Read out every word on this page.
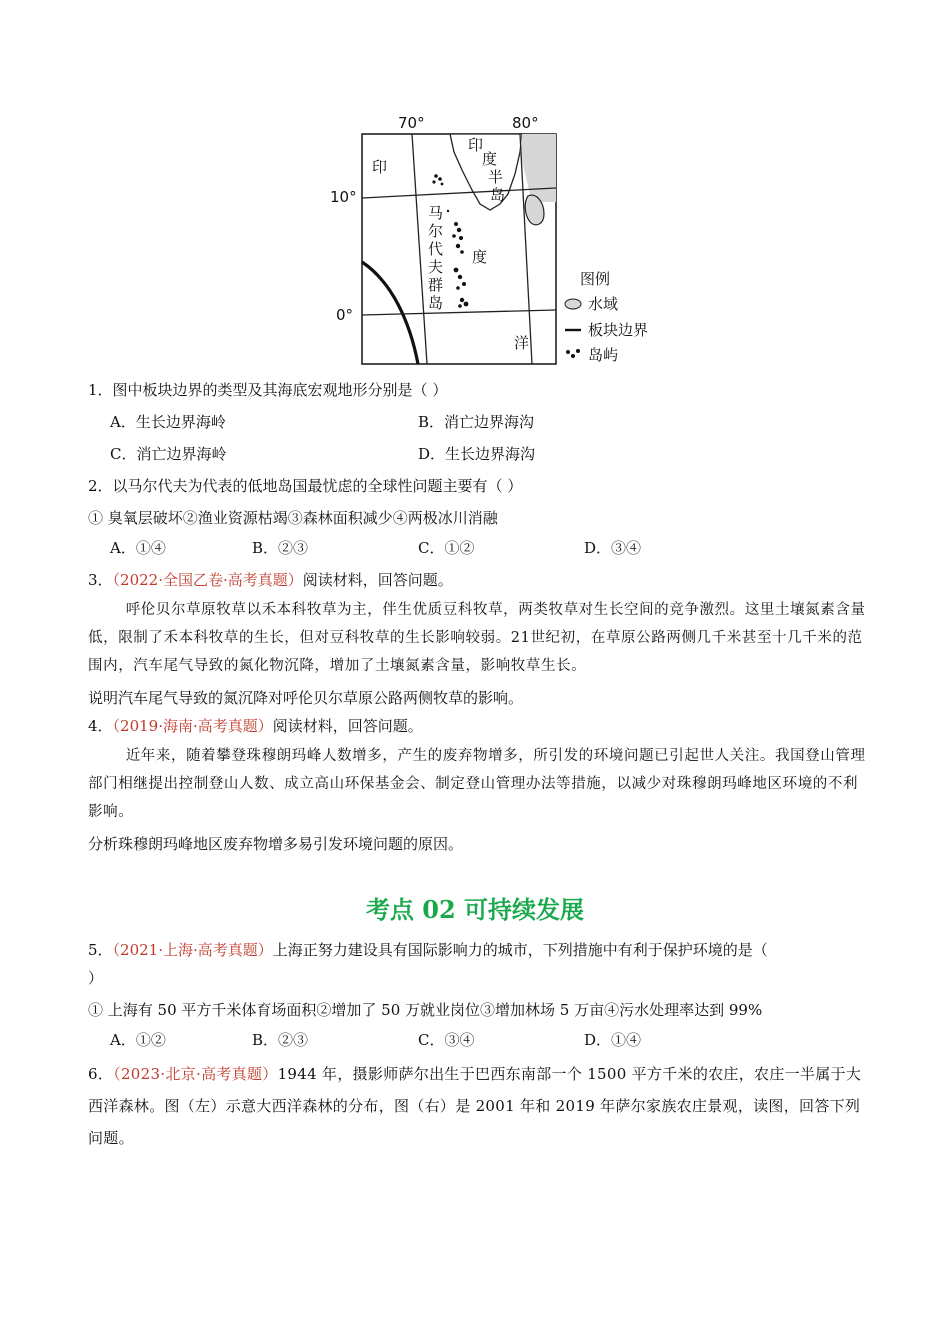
70°	80°
10°
0°
印
度
洋
印
度
半
岛
马
尔
代
夫
群
岛
图例
水域
板块边界
岛屿
1．图中板块边界的类型及其海底宏观地形分别是（ ）
A．生长边界海岭	B．消亡边界海沟
C．消亡边界海岭	D．生长边界海沟
2．以马尔代夫为代表的低地岛国最忧虑的全球性问题主要有（ ）
① 臭氧层破坏②渔业资源枯竭③森林面积减少④两极冰川消融
A．①④	B．②③	C．①②	D．③④
3．（2022·全国乙卷·高考真题）阅读材料，回答问题。
呼伦贝尔草原牧草以禾本科牧草为主，伴生优质豆科牧草，两类牧草对生长空间的竞争激烈。这里土壤氮素含量低，限制了禾本科牧草的生长，但对豆科牧草的生长影响较弱。21世纪初，在草原公路两侧几千米甚至十几千米的范围内，汽车尾气导致的氮化物沉降，增加了土壤氮素含量，影响牧草生长。
说明汽车尾气导致的氮沉降对呼伦贝尔草原公路两侧牧草的影响。
4．（2019·海南·高考真题）阅读材料，回答问题。
近年来，随着攀登珠穆朗玛峰人数增多，产生的废弃物增多，所引发的环境问题已引起世人关注。我国登山管理部门相继提出控制登山人数、成立高山环保基金会、制定登山管理办法等措施，以减少对珠穆朗玛峰地区环境的不利影响。
分析珠穆朗玛峰地区废弃物增多易引发环境问题的原因。
考点 02 可持续发展
5．（2021·上海·高考真题）上海正努力建设具有国际影响力的城市，下列措施中有利于保护环境的是（
）
① 上海有 50 平方千米体育场面积②增加了 50 万就业岗位③增加林场 5 万亩④污水处理率达到 99%
A．①②	B．②③	C．③④	D．①④
6．（2023·北京·高考真题）1944 年，摄影师萨尔出生于巴西东南部一个 1500 平方千米的农庄，农庄一半属于大西洋森林。图（左）示意大西洋森林的分布，图（右）是 2001 年和 2019 年萨尔家族农庄景观，读图，回答下列问题。
